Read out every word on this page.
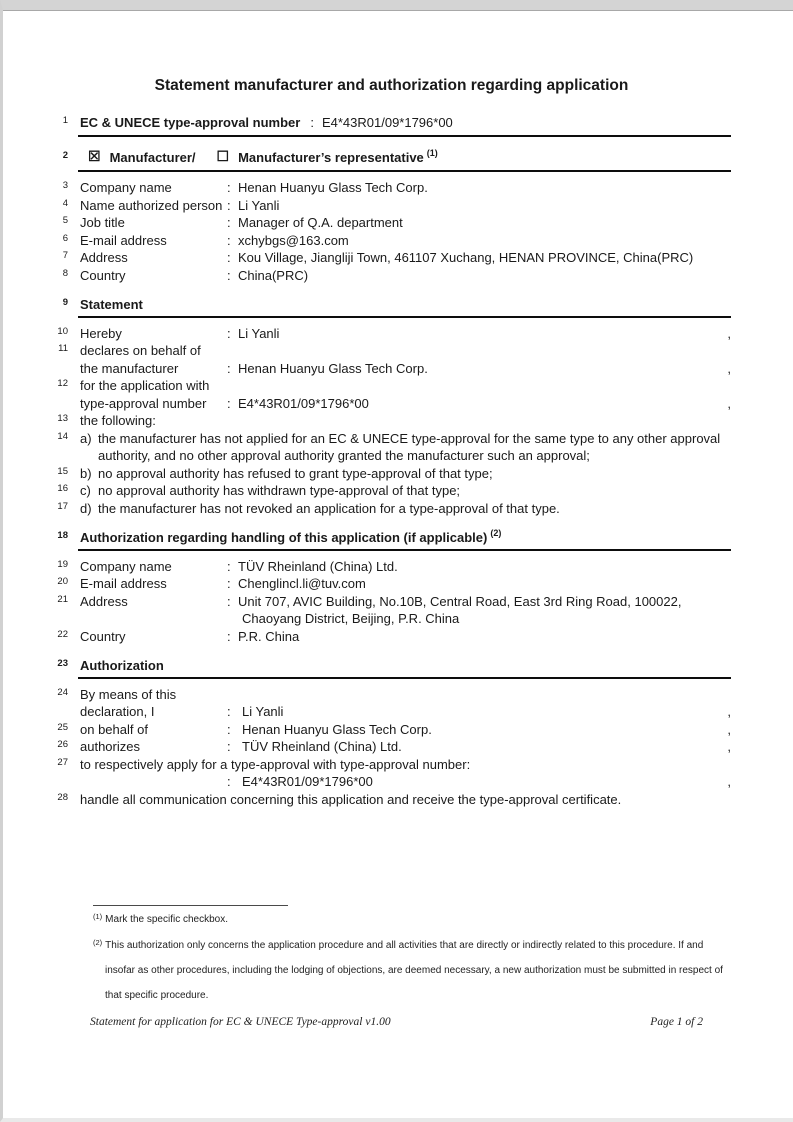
Statement manufacturer and authorization regarding application
1 EC & UNECE type-approval number : E4*43R01/09*1796*00
2 ☒ Manufacturer/ ☐ Manufacturer’s representative (1)
3 Company name	: Henan Huanyu Glass Tech Corp.
4 Name authorized person : Li Yanli
5 Job title	: Manager of Q.A. department
6 E-mail address	: xchybgs@163.com
7 Address	: Kou Village, Jiangliji Town, 461107 Xuchang, HENAN PROVINCE, China(PRC)
8 Country	: China(PRC)
9 Statement
10 Hereby	: Li Yanli	,
11 declares on behalf of
the manufacturer	: Henan Huanyu Glass Tech Corp.	,
12 for the application with
type-approval number	: E4*43R01/09*1796*00	,
13 the following:
14 a) the manufacturer has not applied for an EC & UNECE type-approval for the same type to any other approval authority, and no other approval authority granted the manufacturer such an approval;
15 b) no approval authority has refused to grant type-approval of that type;
16 c) no approval authority has withdrawn type-approval of that type;
17 d) the manufacturer has not revoked an application for a type-approval of that type.
18 Authorization regarding handling of this application (if applicable) (2)
19 Company name	: TÜV Rheinland (China) Ltd.
20 E-mail address	: Chenglincl.li@tuv.com
21 Address	: Unit 707, AVIC Building, No.10B, Central Road, East 3rd Ring Road, 100022,
Chaoyang District, Beijing, P.R. China
22 Country	: P.R. China
23 Authorization
24 By means of this
declaration, I	: Li Yanli	,
25 on behalf of	: Henan Huanyu Glass Tech Corp.	,
26 authorizes	: TÜV Rheinland (China) Ltd.	,
27 to respectively apply for a type-approval with type-approval number:
: E4*43R01/09*1796*00	,
28 handle all communication concerning this application and receive the type-approval certificate.
$^{(1)}$ Mark the specific checkbox.
$^{(2)}$ This authorization only concerns the application procedure and all activities that are directly or indirectly related to this procedure. If and
insofar as other procedures, including the lodging of objections, are deemed necessary, a new authorization must be submitted in respect of
that specific procedure.
Statement for application for EC & UNECE Type-approval v1.00	Page 1 of 2
